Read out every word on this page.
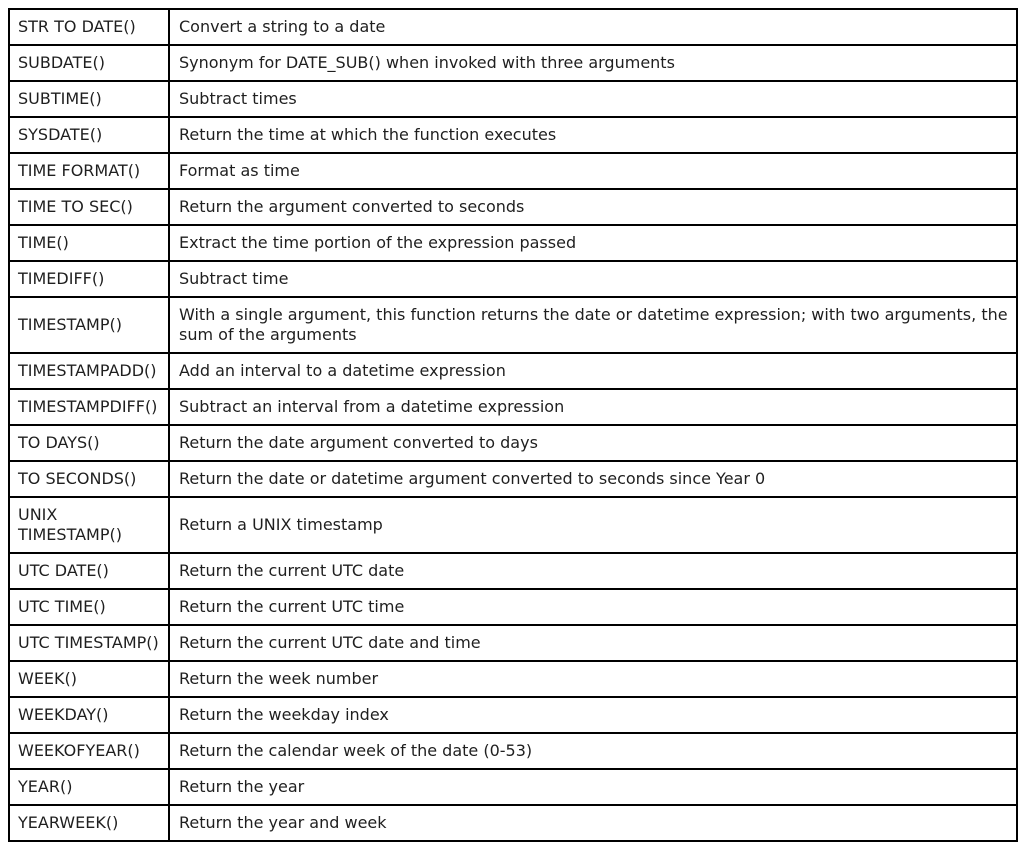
STR TO DATE()	Convert a string to a date
SUBDATE()	Synonym for DATE_SUB() when invoked with three arguments
SUBTIME()	Subtract times
SYSDATE()	Return the time at which the function executes
TIME FORMAT()	Format as time
TIME TO SEC()	Return the argument converted to seconds
TIME()	Extract the time portion of the expression passed
TIMEDIFF()	Subtract time
TIMESTAMP()	With a single argument, this function returns the date or datetime expression; with two arguments, the sum of the arguments
TIMESTAMPADD()	Add an interval to a datetime expression
TIMESTAMPDIFF()	Subtract an interval from a datetime expression
TO DAYS()	Return the date argument converted to days
TO SECONDS()	Return the date or datetime argument converted to seconds since Year 0
UNIX TIMESTAMP()	Return a UNIX timestamp
UTC DATE()	Return the current UTC date
UTC TIME()	Return the current UTC time
UTC TIMESTAMP()	Return the current UTC date and time
WEEK()	Return the week number
WEEKDAY()	Return the weekday index
WEEKOFYEAR()	Return the calendar week of the date (0-53)
YEAR()	Return the year
YEARWEEK()	Return the year and week
